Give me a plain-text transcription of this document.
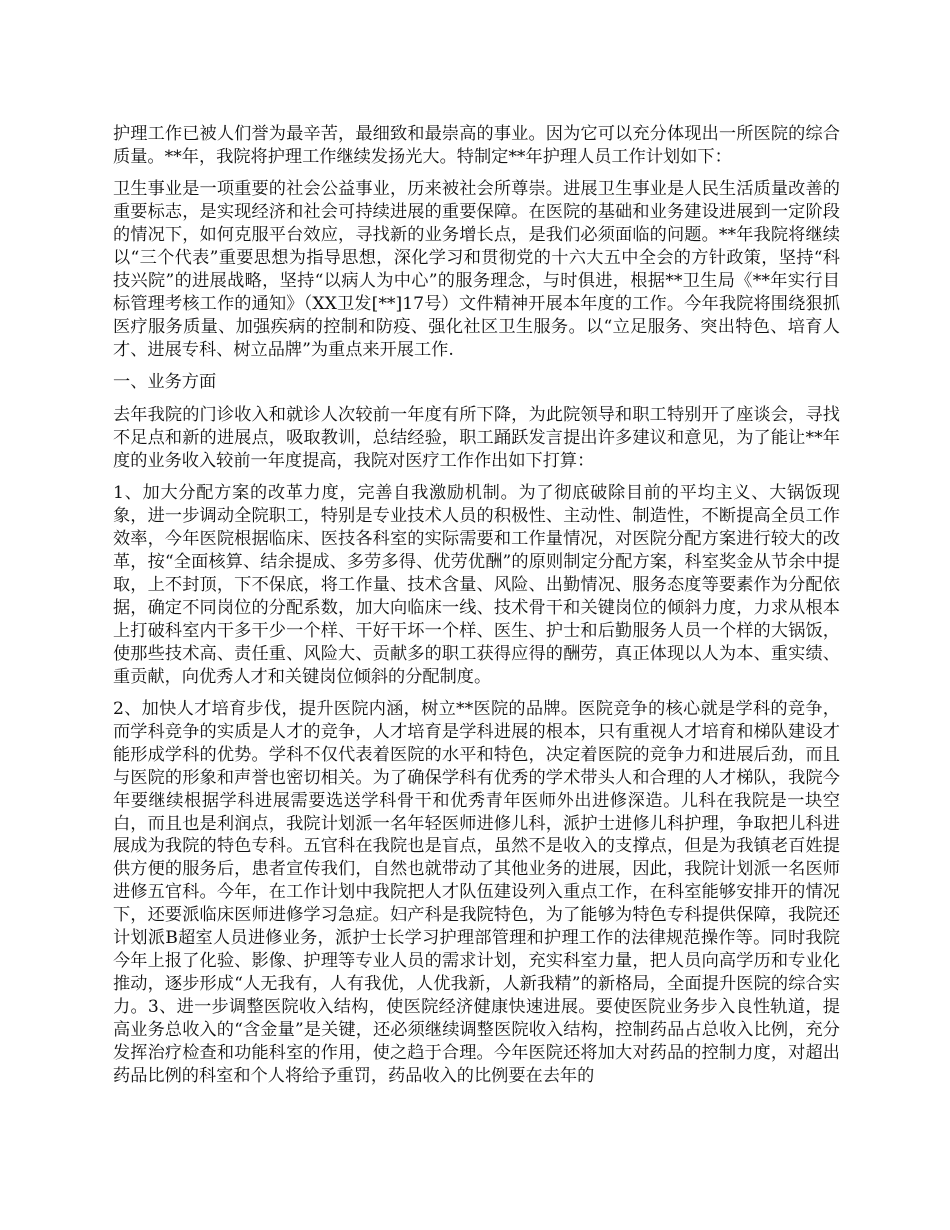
护理工作已被人们誉为最辛苦，最细致和最崇高的事业。因为它可以充分体现出一所医院的综合质量。**年，我院将护理工作继续发扬光大。特制定**年护理人员工作计划如下：

卫生事业是一项重要的社会公益事业，历来被社会所尊崇。进展卫生事业是人民生活质量改善的重要标志，是实现经济和社会可持续进展的重要保障。在医院的基础和业务建设进展到一定阶段的情况下，如何克服平台效应，寻找新的业务增长点，是我们必须面临的问题。**年我院将继续以“三个代表”重要思想为指导思想，深化学习和贯彻党的十六大五中全会的方针政策，坚持“科技兴院”的进展战略，坚持“以病人为中心”的服务理念，与时俱进，根据**卫生局《**年实行目标管理考核工作的通知》（XX卫发[**]17号）文件精神开展本年度的工作。今年我院将围绕狠抓医疗服务质量、加强疾病的控制和防疫、强化社区卫生服务。以“立足服务、突出特色、培育人才、进展专科、树立品牌”为重点来开展工作.

一、业务方面

去年我院的门诊收入和就诊人次较前一年度有所下降，为此院领导和职工特别开了座谈会，寻找不足点和新的进展点，吸取教训，总结经验，职工踊跃发言提出许多建议和意见，为了能让**年度的业务收入较前一年度提高，我院对医疗工作作出如下打算：

1、加大分配方案的改革力度，完善自我激励机制。为了彻底破除目前的平均主义、大锅饭现象，进一步调动全院职工，特别是专业技术人员的积极性、主动性、制造性，不断提高全员工作效率，今年医院根据临床、医技各科室的实际需要和工作量情况，对医院分配方案进行较大的改革，按“全面核算、结余提成、多劳多得、优劳优酬”的原则制定分配方案，科室奖金从节余中提取，上不封顶，下不保底，将工作量、技术含量、风险、出勤情况、服务态度等要素作为分配依据，确定不同岗位的分配系数，加大向临床一线、技术骨干和关键岗位的倾斜力度，力求从根本上打破科室内干多干少一个样、干好干坏一个样、医生、护士和后勤服务人员一个样的大锅饭，使那些技术高、责任重、风险大、贡献多的职工获得应得的酬劳，真正体现以人为本、重实绩、重贡献，向优秀人才和关键岗位倾斜的分配制度。

2、加快人才培育步伐，提升医院内涵，树立**医院的品牌。医院竞争的核心就是学科的竞争，而学科竞争的实质是人才的竞争，人才培育是学科进展的根本，只有重视人才培育和梯队建设才能形成学科的优势。学科不仅代表着医院的水平和特色，决定着医院的竞争力和进展后劲，而且与医院的形象和声誉也密切相关。为了确保学科有优秀的学术带头人和合理的人才梯队，我院今年要继续根据学科进展需要选送学科骨干和优秀青年医师外出进修深造。儿科在我院是一块空白，而且也是利润点，我院计划派一名年轻医师进修儿科，派护士进修儿科护理，争取把儿科进展成为我院的特色专科。五官科在我院也是盲点，虽然不是收入的支撑点，但是为我镇老百姓提供方便的服务后，患者宣传我们，自然也就带动了其他业务的进展，因此，我院计划派一名医师进修五官科。今年，在工作计划中我院把人才队伍建设列入重点工作，在科室能够安排开的情况下，还要派临床医师进修学习急症。妇产科是我院特色，为了能够为特色专科提供保障，我院还计划派B超室人员进修业务，派护士长学习护理部管理和护理工作的法律规范操作等。同时我院今年上报了化验、影像、护理等专业人员的需求计划，充实科室力量，把人员向高学历和专业化推动，逐步形成“人无我有，人有我优，人优我新，人新我精”的新格局，全面提升医院的综合实力。3、进一步调整医院收入结构，使医院经济健康快速进展。要使医院业务步入良性轨道，提高业务总收入的“含金量”是关键，还必须继续调整医院收入结构，控制药品占总收入比例，充分发挥治疗检查和功能科室的作用，使之趋于合理。今年医院还将加大对药品的控制力度，对超出药品比例的科室和个人将给予重罚，药品收入的比例要在去年的
